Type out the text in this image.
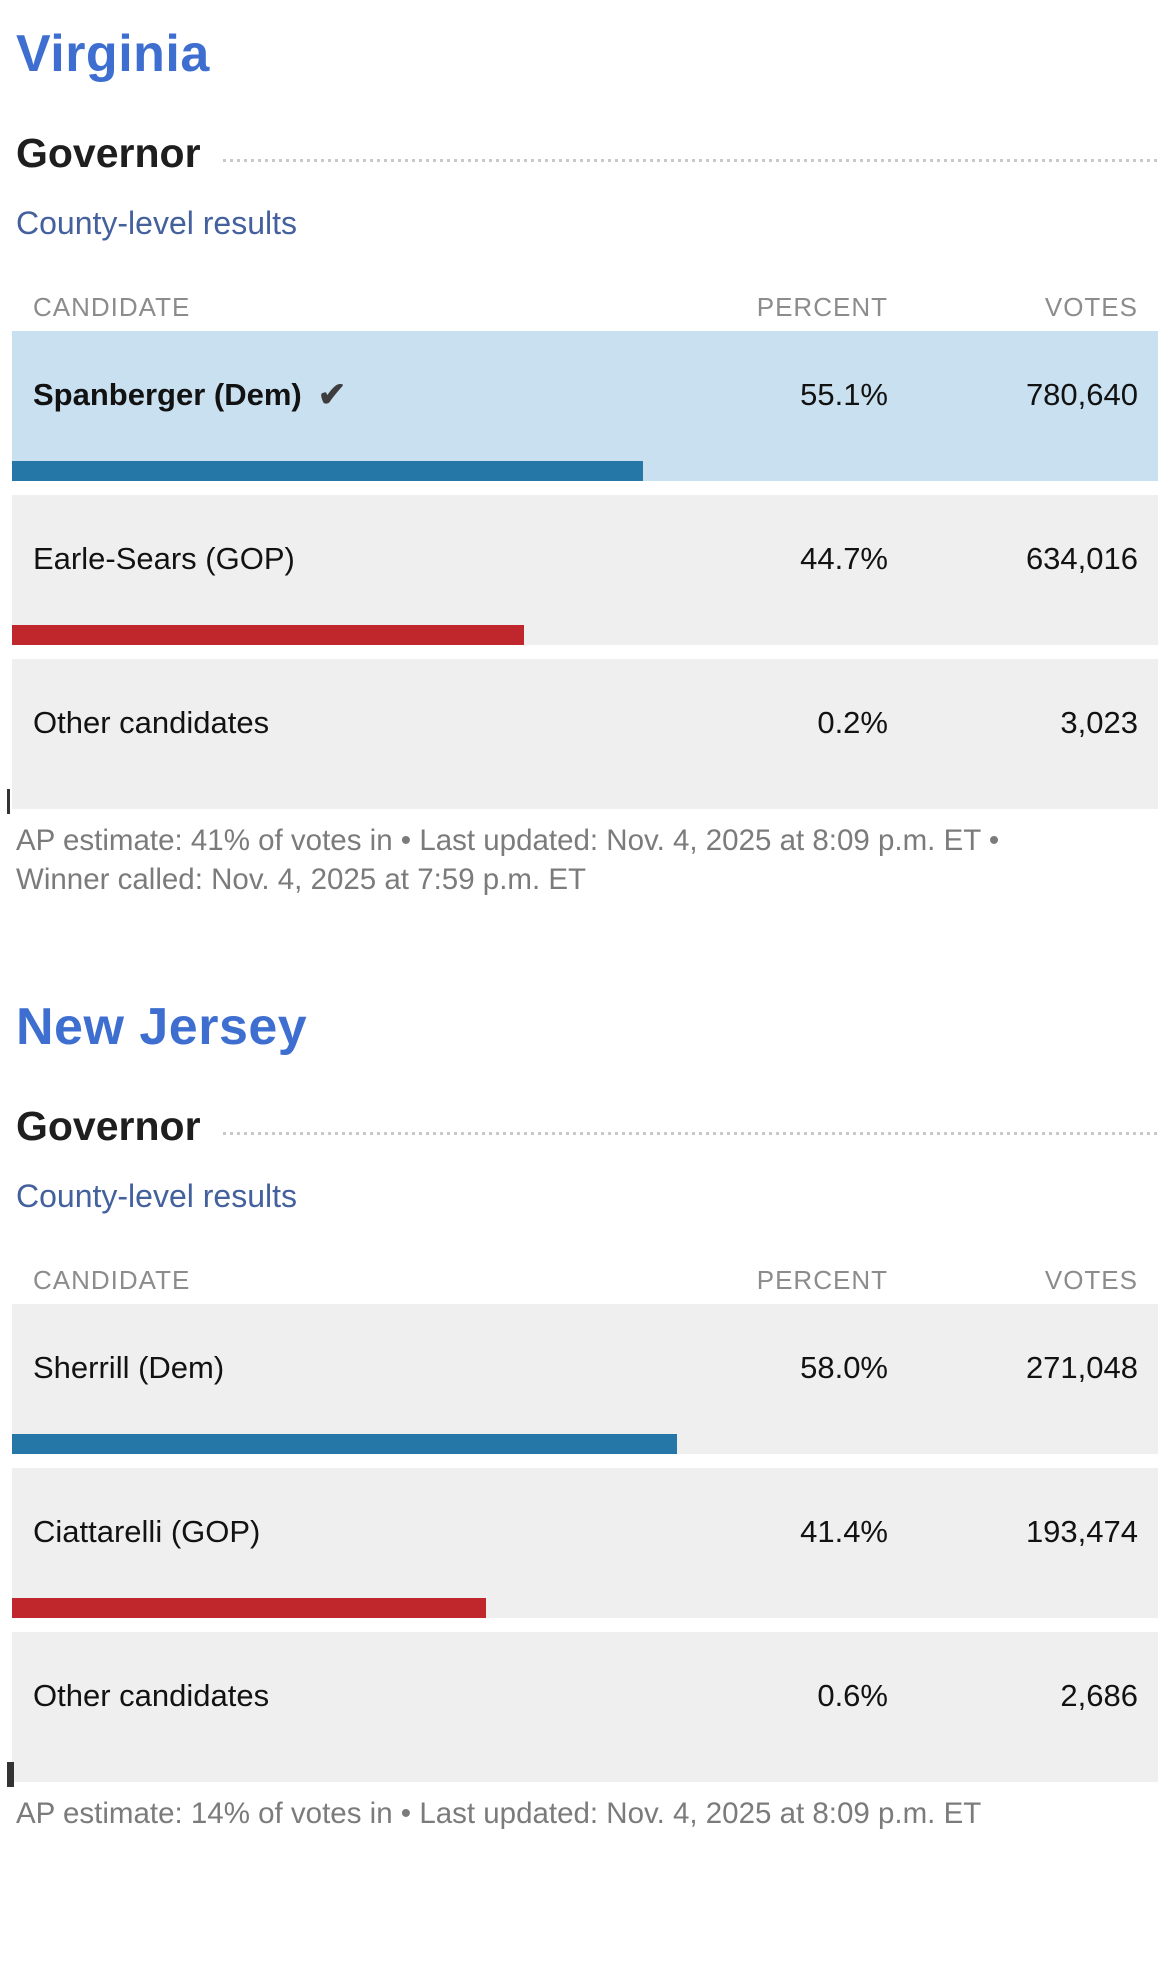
Virginia
Governor
County-level results
CANDIDATE	PERCENT	VOTES
Spanberger (Dem) ✔	55.1%	780,640
Earle-Sears (GOP)	44.7%	634,016
Other candidates	0.2%	3,023

AP estimate: 41% of votes in • Last updated: Nov. 4, 2025 at 8:09 p.m. ET • Winner called: Nov. 4, 2025 at 7:59 p.m. ET

New Jersey
Governor
County-level results
CANDIDATE	PERCENT	VOTES
Sherrill (Dem)	58.0%	271,048
Ciattarelli (GOP)	41.4%	193,474
Other candidates	0.6%	2,686

AP estimate: 14% of votes in • Last updated: Nov. 4, 2025 at 8:09 p.m. ET
